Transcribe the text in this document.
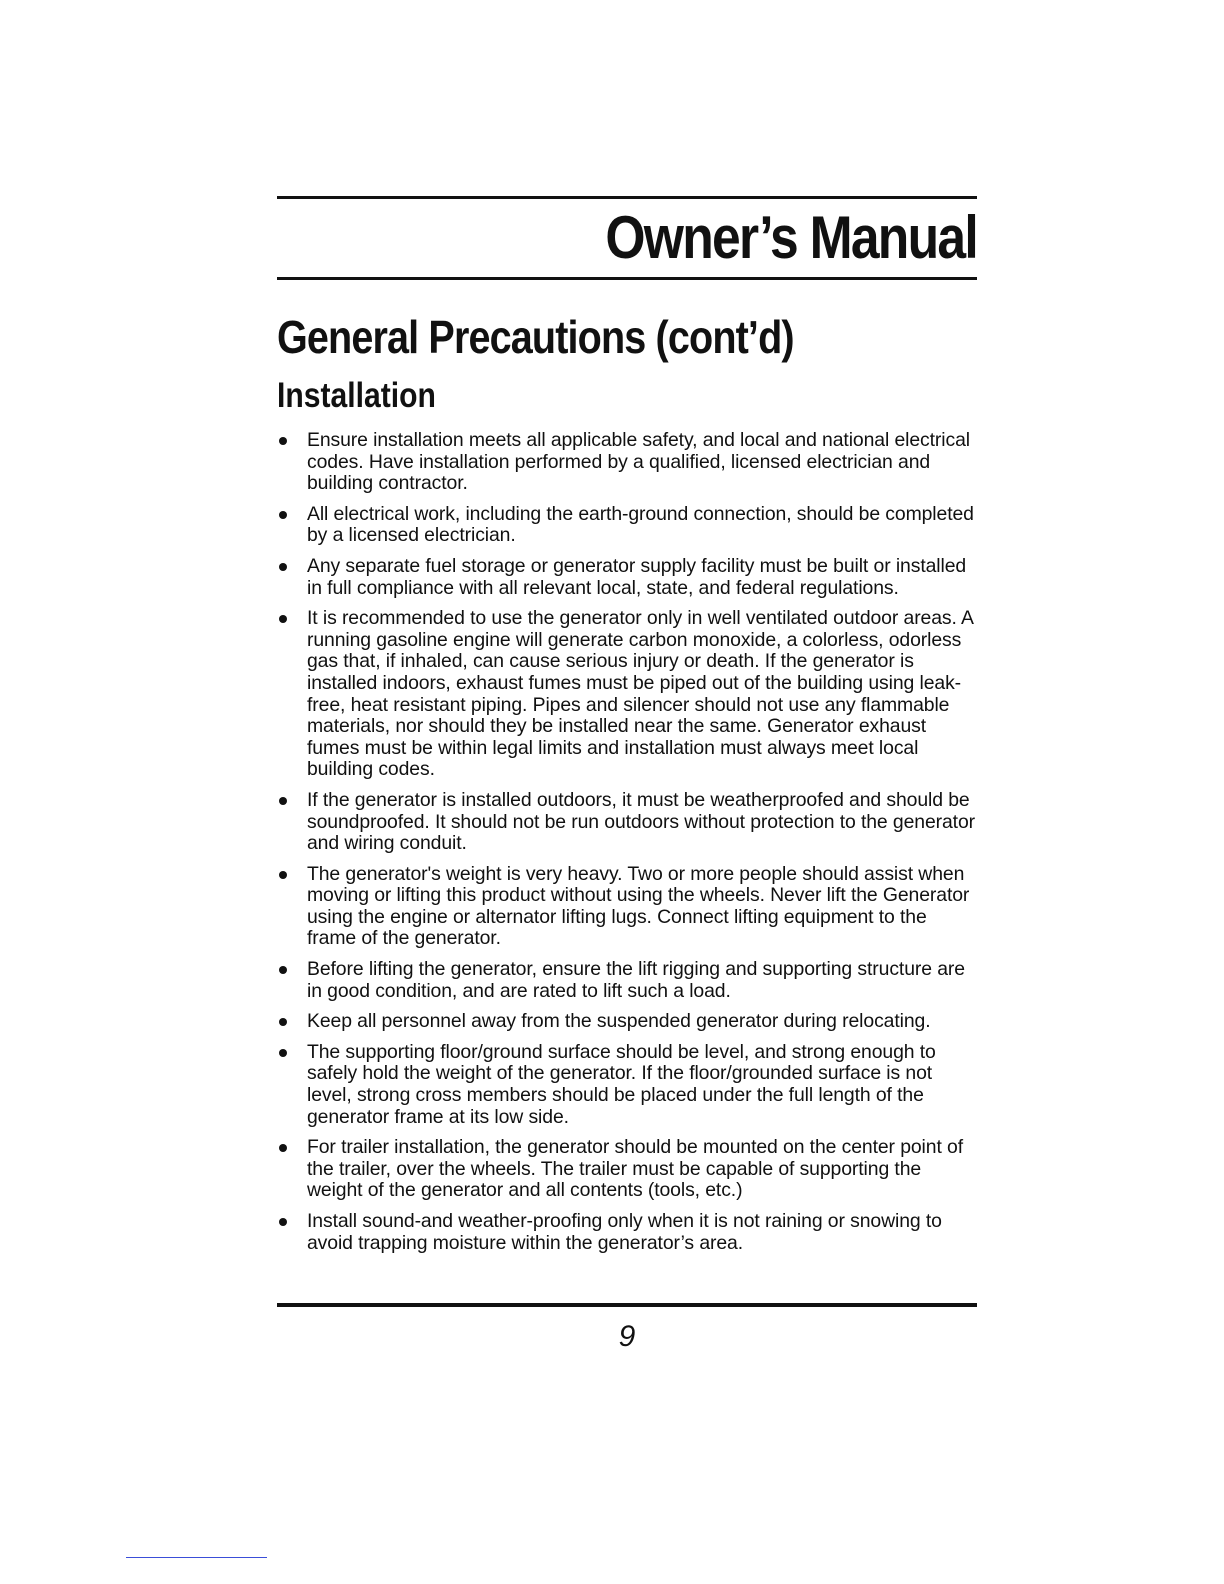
Owner’s Manual
General Precautions (cont’d)
Installation
Ensure installation meets all applicable safety, and local and national electrical codes. Have installation performed by a qualified, licensed electrician and building contractor.
All electrical work, including the earth-ground connection, should be completed by a licensed electrician.
Any separate fuel storage or generator supply facility must be built or installed in full compliance with all relevant local, state, and federal regulations.
It is recommended to use the generator only in well ventilated outdoor areas. A running gasoline engine will generate carbon monoxide, a colorless, odorless gas that, if inhaled, can cause serious injury or death. If the generator is installed indoors, exhaust fumes must be piped out of the building using leak-free, heat resistant piping. Pipes and silencer should not use any flammable materials, nor should they be installed near the same. Generator exhaust fumes must be within legal limits and installation must always meet local building codes.
If the generator is installed outdoors, it must be weatherproofed and should be soundproofed. It should not be run outdoors without protection to the generator and wiring conduit.
The generator's weight is very heavy. Two or more people should assist when moving or lifting this product without using the wheels. Never lift the Generator using the engine or alternator lifting lugs. Connect lifting equipment to the frame of the generator.
Before lifting the generator, ensure the lift rigging and supporting structure are in good condition, and are rated to lift such a load.
Keep all personnel away from the suspended generator during relocating.
The supporting floor/ground surface should be level, and strong enough to safely hold the weight of the generator. If the floor/grounded surface is not level, strong cross members should be placed under the full length of the generator frame at its low side.
For trailer installation, the generator should be mounted on the center point of the trailer, over the wheels. The trailer must be capable of supporting the weight of the generator and all contents (tools, etc.)
Install sound-and weather-proofing only when it is not raining or snowing to avoid trapping moisture within the generator’s area.
9
